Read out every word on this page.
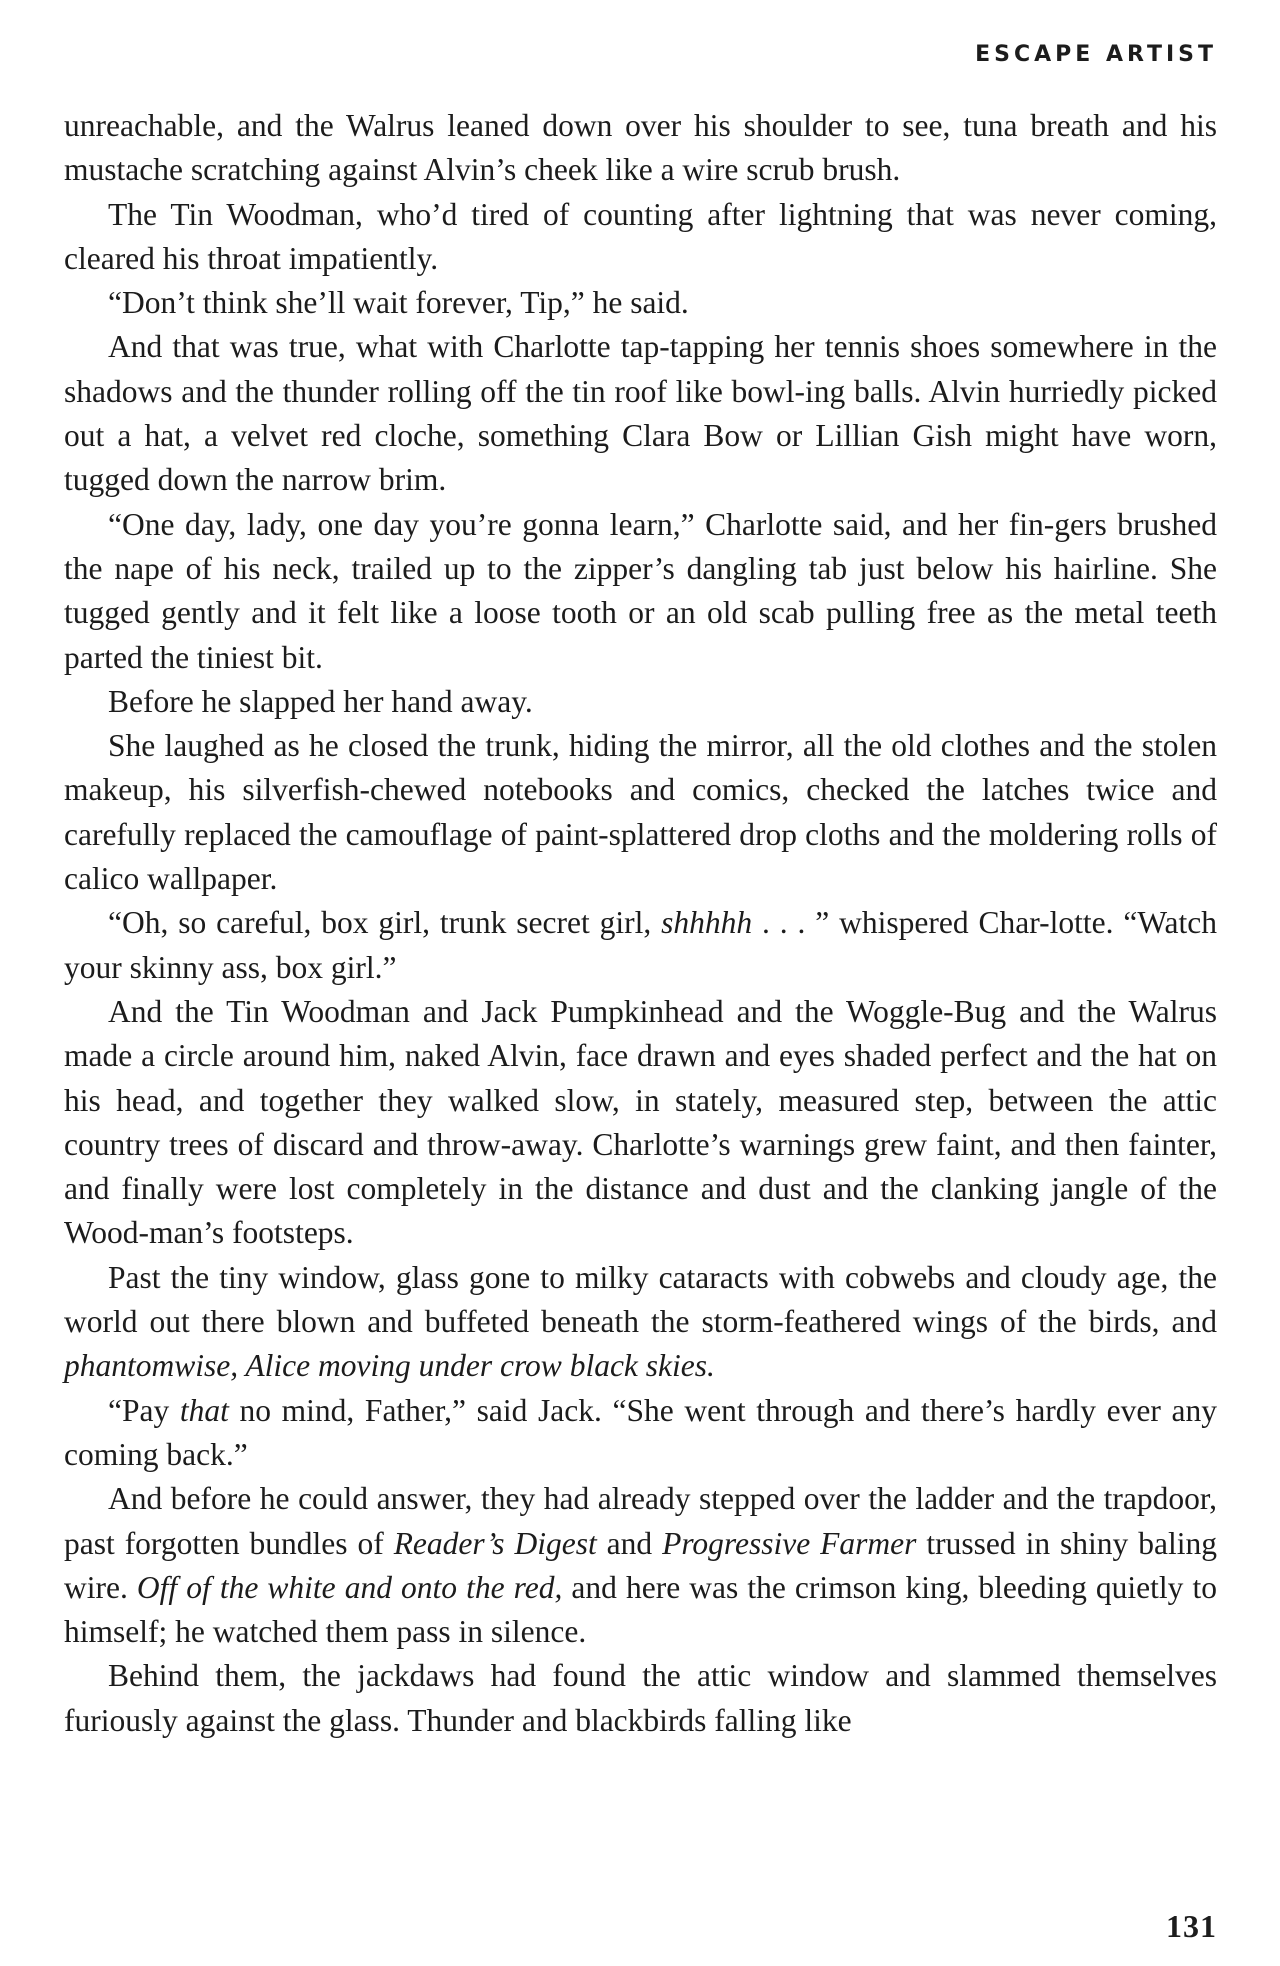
ESCAPE ARTIST

unreachable, and the Walrus leaned down over his shoulder to see, tuna breath and his mustache scratching against Alvin’s cheek like a wire scrub brush.

The Tin Woodman, who’d tired of counting after lightning that was never coming, cleared his throat impatiently.

“Don’t think she’ll wait forever, Tip,” he said.

And that was true, what with Charlotte tap-tapping her tennis shoes somewhere in the shadows and the thunder rolling off the tin roof like bowl-ing balls. Alvin hurriedly picked out a hat, a velvet red cloche, something Clara Bow or Lillian Gish might have worn, tugged down the narrow brim.

“One day, lady, one day you’re gonna learn,” Charlotte said, and her fin-gers brushed the nape of his neck, trailed up to the zipper’s dangling tab just below his hairline. She tugged gently and it felt like a loose tooth or an old scab pulling free as the metal teeth parted the tiniest bit.

Before he slapped her hand away.

She laughed as he closed the trunk, hiding the mirror, all the old clothes and the stolen makeup, his silverfish-chewed notebooks and comics, checked the latches twice and carefully replaced the camouflage of paint-splattered drop cloths and the moldering rolls of calico wallpaper.

“Oh, so careful, box girl, trunk secret girl, shhhhh . . . ” whispered Char-lotte. “Watch your skinny ass, box girl.”

And the Tin Woodman and Jack Pumpkinhead and the Woggle-Bug and the Walrus made a circle around him, naked Alvin, face drawn and eyes shaded perfect and the hat on his head, and together they walked slow, in stately, measured step, between the attic country trees of discard and throw-away. Charlotte’s warnings grew faint, and then fainter, and finally were lost completely in the distance and dust and the clanking jangle of the Wood-man’s footsteps.

Past the tiny window, glass gone to milky cataracts with cobwebs and cloudy age, the world out there blown and buffeted beneath the storm-feathered wings of the birds, and phantomwise, Alice moving under crow black skies.

“Pay that no mind, Father,” said Jack. “She went through and there’s hardly ever any coming back.”

And before he could answer, they had already stepped over the ladder and the trapdoor, past forgotten bundles of Reader’s Digest and Progressive Farmer trussed in shiny baling wire. Off of the white and onto the red, and here was the crimson king, bleeding quietly to himself; he watched them pass in silence.

Behind them, the jackdaws had found the attic window and slammed themselves furiously against the glass. Thunder and blackbirds falling like

131
